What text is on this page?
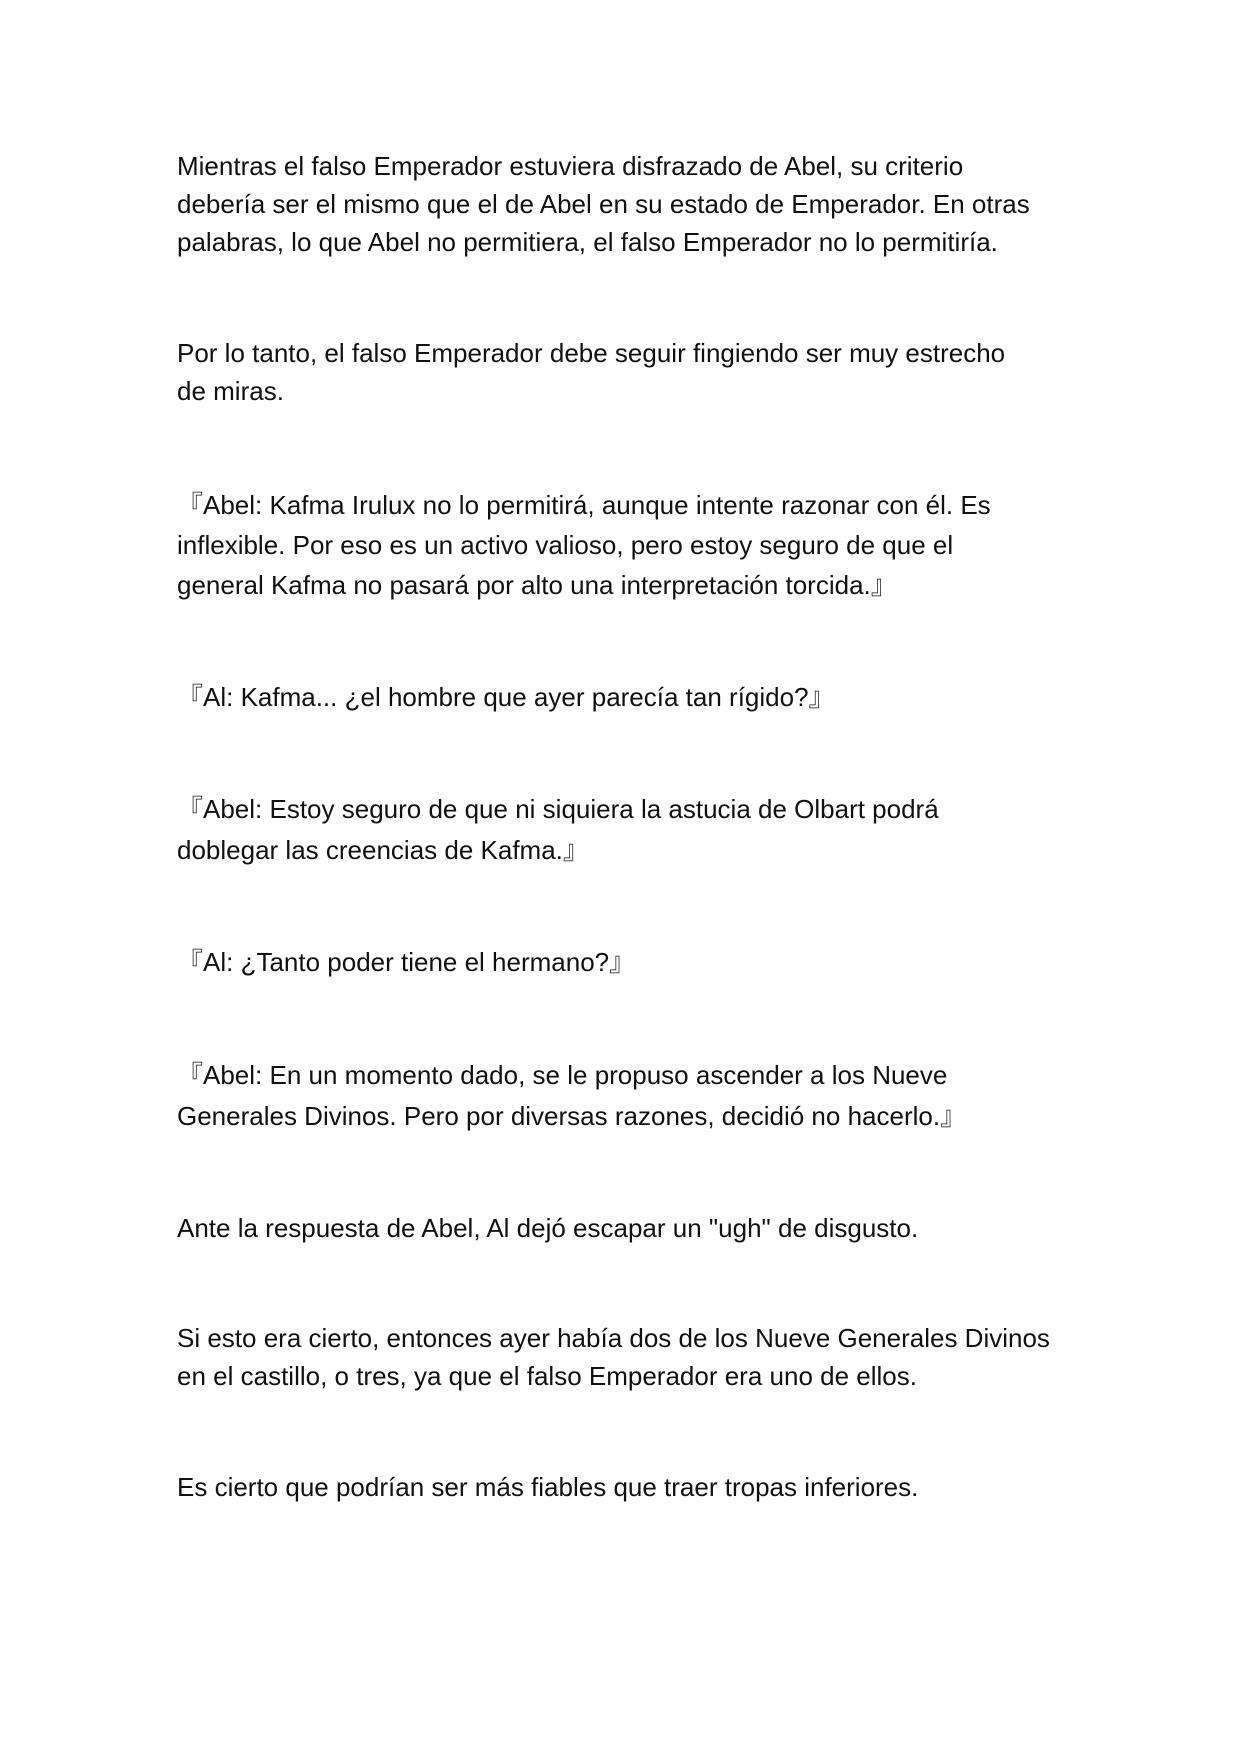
Mientras el falso Emperador estuviera disfrazado de Abel, su criterio
debería ser el mismo que el de Abel en su estado de Emperador. En otras
palabras, lo que Abel no permitiera, el falso Emperador no lo permitiría.

Por lo tanto, el falso Emperador debe seguir fingiendo ser muy estrecho
de miras.

『Abel: Kafma Irulux no lo permitirá, aunque intente razonar con él. Es
inflexible. Por eso es un activo valioso, pero estoy seguro de que el
general Kafma no pasará por alto una interpretación torcida.』

『Al: Kafma... ¿el hombre que ayer parecía tan rígido?』

『Abel: Estoy seguro de que ni siquiera la astucia de Olbart podrá
doblegar las creencias de Kafma.』

『Al: ¿Tanto poder tiene el hermano?』

『Abel: En un momento dado, se le propuso ascender a los Nueve
Generales Divinos. Pero por diversas razones, decidió no hacerlo.』

Ante la respuesta de Abel, Al dejó escapar un "ugh" de disgusto.

Si esto era cierto, entonces ayer había dos de los Nueve Generales Divinos
en el castillo, o tres, ya que el falso Emperador era uno de ellos.

Es cierto que podrían ser más fiables que traer tropas inferiores.
